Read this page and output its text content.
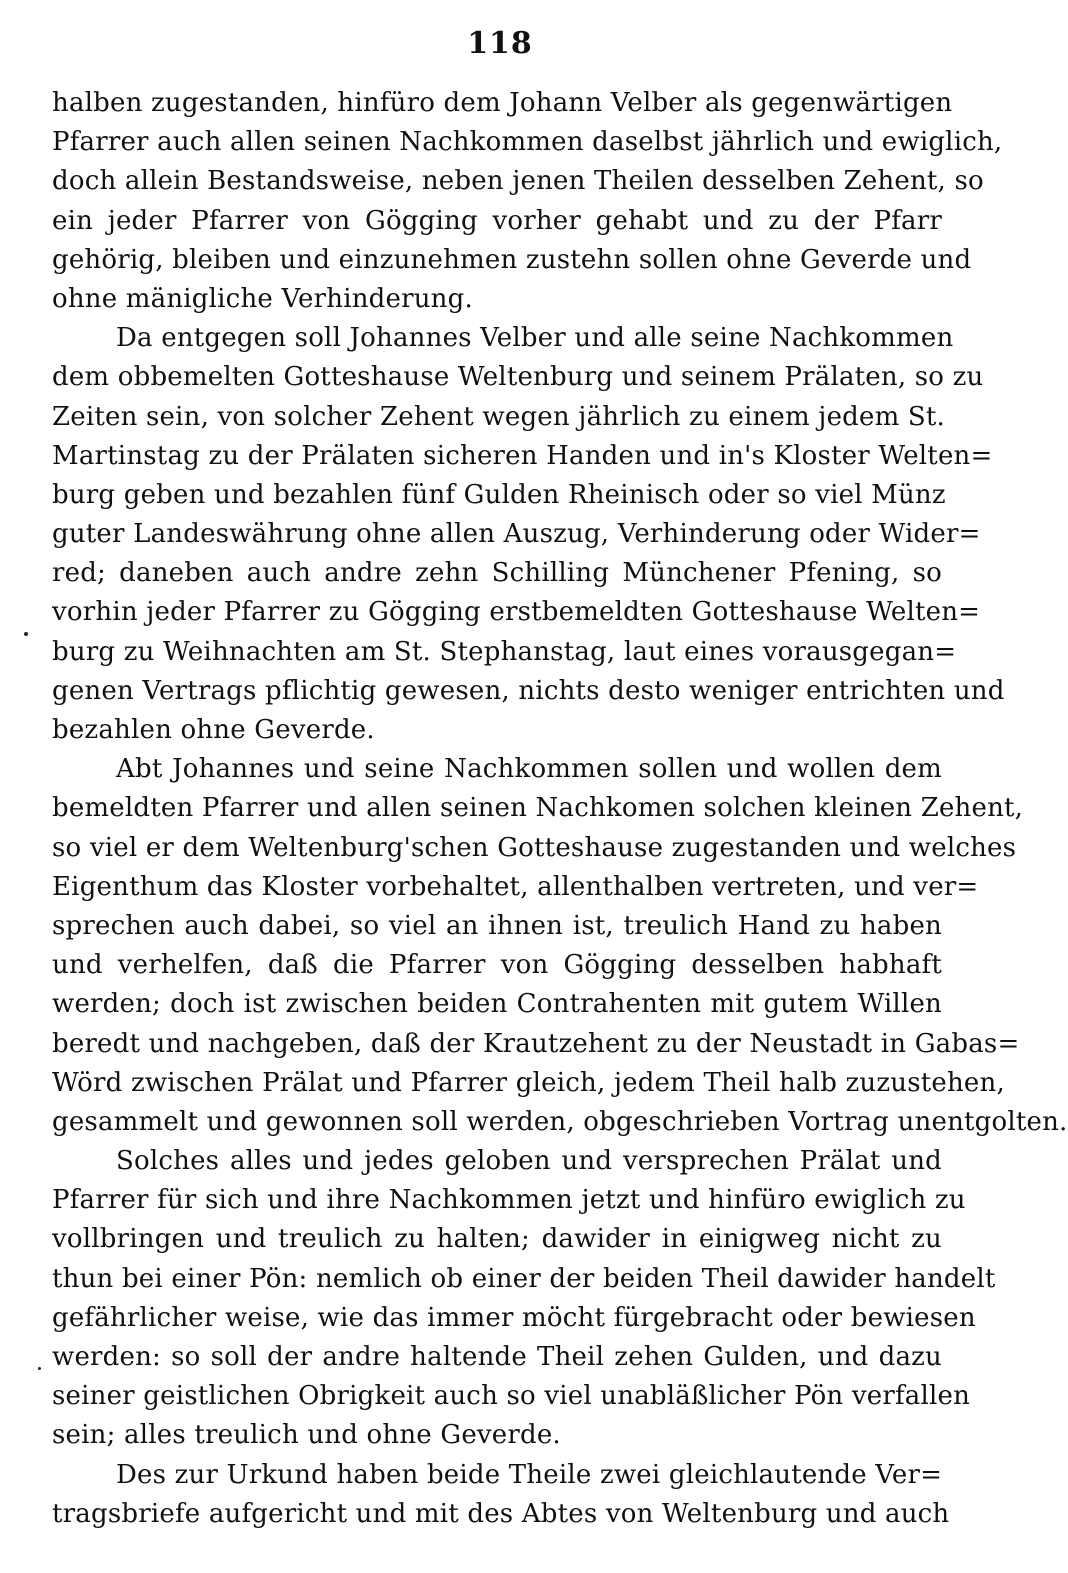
118
halben zugestanden, hinfüro dem Johann Velber als gegenwärtigen
Pfarrer auch allen seinen Nachkommen daselbst jährlich und ewiglich,
doch allein Bestandsweise, neben jenen Theilen desselben Zehent, so
ein jeder Pfarrer von Gögging vorher gehabt und zu der Pfarr
gehörig, bleiben und einzunehmen zustehn sollen ohne Geverde und
ohne mänigliche Verhinderung.
Da entgegen soll Johannes Velber und alle seine Nachkommen
dem obbemelten Gotteshause Weltenburg und seinem Prälaten, so zu
Zeiten sein, von solcher Zehent wegen jährlich zu einem jedem St.
Martinstag zu der Prälaten sicheren Handen und in's Kloster Welten=
burg geben und bezahlen fünf Gulden Rheinisch oder so viel Münz
guter Landeswährung ohne allen Auszug, Verhinderung oder Wider=
red; daneben auch andre zehn Schilling Münchener Pfening, so
vorhin jeder Pfarrer zu Gögging erstbemeldten Gotteshause Welten=
burg zu Weihnachten am St. Stephanstag, laut eines vorausgegan=
genen Vertrags pflichtig gewesen, nichts desto weniger entrichten und
bezahlen ohne Geverde.
Abt Johannes und seine Nachkommen sollen und wollen dem
bemeldten Pfarrer und allen seinen Nachkomen solchen kleinen Zehent,
so viel er dem Weltenburg'schen Gotteshause zugestanden und welches
Eigenthum das Kloster vorbehaltet, allenthalben vertreten, und ver=
sprechen auch dabei, so viel an ihnen ist, treulich Hand zu haben
und verhelfen, daß die Pfarrer von Gögging desselben habhaft
werden; doch ist zwischen beiden Contrahenten mit gutem Willen
beredt und nachgeben, daß der Krautzehent zu der Neustadt in Gabas=
Wörd zwischen Prälat und Pfarrer gleich, jedem Theil halb zuzustehen,
gesammelt und gewonnen soll werden, obgeschrieben Vortrag unentgolten.
Solches alles und jedes geloben und versprechen Prälat und
Pfarrer für sich und ihre Nachkommen jetzt und hinfüro ewiglich zu
vollbringen und treulich zu halten; dawider in einigweg nicht zu
thun bei einer Pön: nemlich ob einer der beiden Theil dawider handelt
gefährlicher weise, wie das immer möcht fürgebracht oder bewiesen
werden: so soll der andre haltende Theil zehen Gulden, und dazu
seiner geistlichen Obrigkeit auch so viel unabläßlicher Pön verfallen
sein; alles treulich und ohne Geverde.
Des zur Urkund haben beide Theile zwei gleichlautende Ver=
tragsbriefe aufgericht und mit des Abtes von Weltenburg und auch
